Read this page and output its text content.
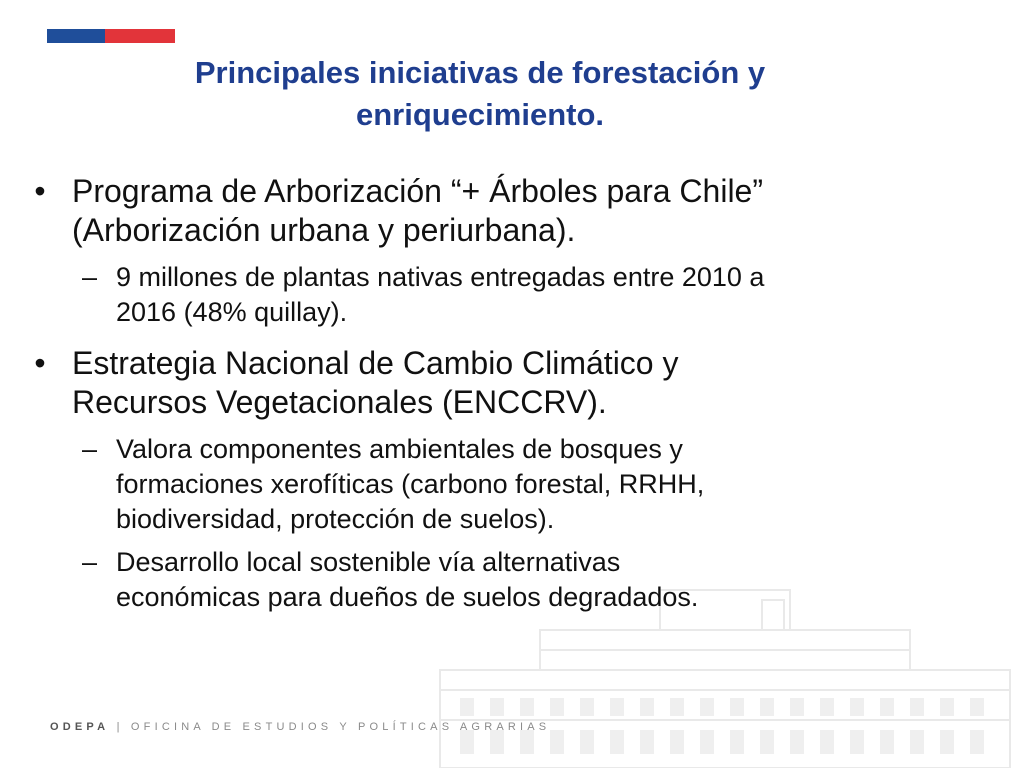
Principales iniciativas de forestación y
enriquecimiento.
• Programa de Arborización “+ Árboles para Chile”
(Arborización urbana y periurbana).
– 9 millones de plantas nativas entregadas entre 2010 a
2016 (48% quillay).
• Estrategia Nacional de Cambio Climático y
Recursos Vegetacionales (ENCCRV).
– Valora componentes ambientales de bosques y
formaciones xerofíticas (carbono forestal, RRHH,
biodiversidad, protección de suelos).
– Desarrollo local sostenible vía alternativas
económicas para dueños de suelos degradados.
ODEPA | OFICINA DE ESTUDIOS Y POLÍTICAS AGRARIAS
